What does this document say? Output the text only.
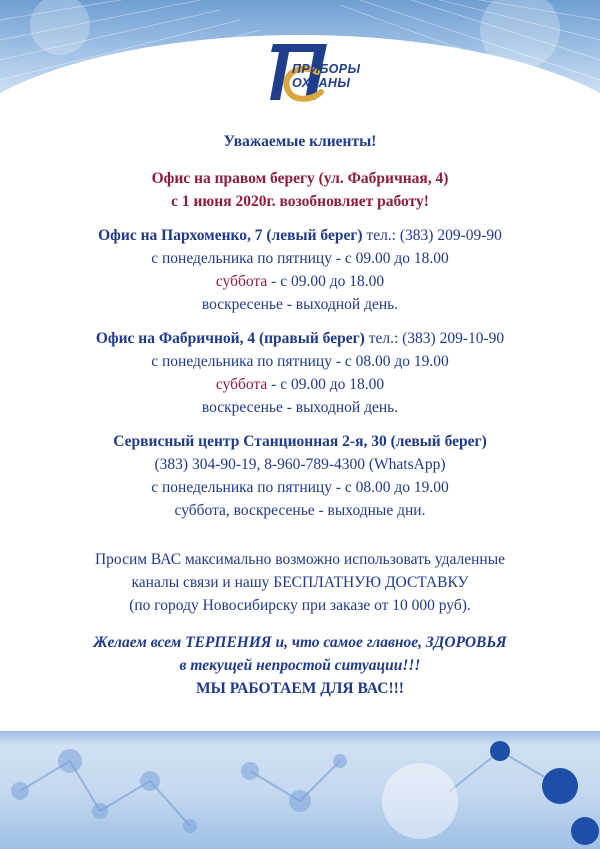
ПРИБОРЫ
ОХРАНЫ

Уважаемые клиенты!

Офис на правом берегу (ул. Фабричная, 4)

с 1 июня 2020г. возобновляет работу!

Офис на Пархоменко, 7 (левый берег) тел.: (383) 209-09-90

с понедельника по пятницу - с 09.00 до 18.00

суббота - с 09.00 до 18.00

воскресенье - выходной день.

Офис на Фабричной, 4 (правый берег) тел.: (383) 209-10-90

с понедельника по пятницу - с 08.00 до 19.00

суббота - с 09.00 до 18.00

воскресенье - выходной день.

Сервисный центр Станционная 2-я, 30 (левый берег)

(383) 304-90-19, 8-960-789-4300 (WhatsApp)

с понедельника по пятницу - с 08.00 до 19.00

суббота, воскресенье - выходные дни.

Просим ВАС максимально возможно использовать удаленные

каналы связи и нашу БЕСПЛАТНУЮ ДОСТАВКУ

(по городу Новосибирску при заказе от 10 000 руб).

Желаем всем ТЕРПЕНИЯ и, что самое главное, ЗДОРОВЬЯ

в текущей непростой ситуации!!!

МЫ РАБОТАЕМ ДЛЯ ВАС!!!
